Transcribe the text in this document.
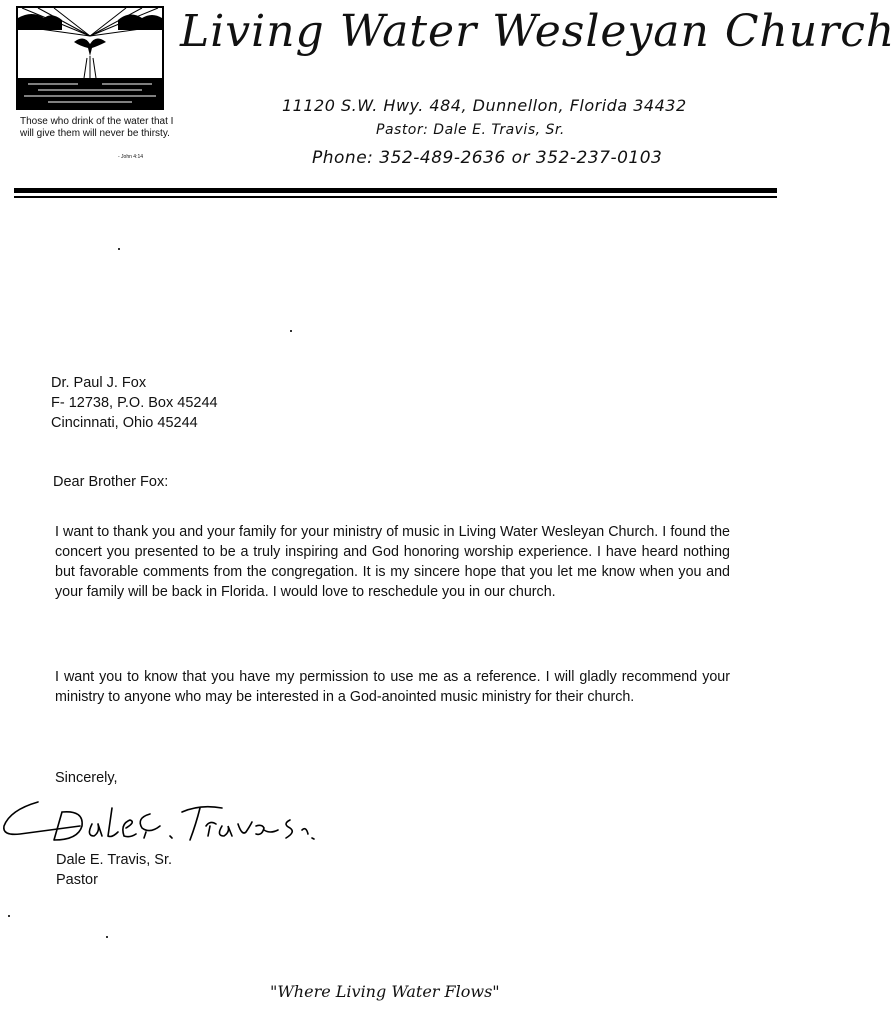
Those who drink of the water that I will give them will never be thirsty.
- John 4:14
Living Water Wesleyan Church
11120 S.W. Hwy. 484, Dunnellon, Florida 34432
Pastor: Dale E. Travis, Sr.
Phone: 352-489-2636 or 352-237-0103
Dr. Paul J. Fox
F- 12738, P.O. Box 45244
Cincinnati, Ohio 45244
Dear Brother Fox:
I want to thank you and your family for your ministry of music in Living Water Wesleyan Church. I found the concert you presented to be a truly inspiring and God honoring worship experience. I have heard nothing but favorable comments from the congregation. It is my sincere hope that you let me know when you and your family will be back in Florida. I would love to reschedule you in our church.
I want you to know that you have my permission to use me as a reference. I will gladly recommend your ministry to anyone who may be interested in a God-anointed music ministry for their church.
Sincerely,
Dale E. Travis, Sr.
Pastor
"Where Living Water Flows"
